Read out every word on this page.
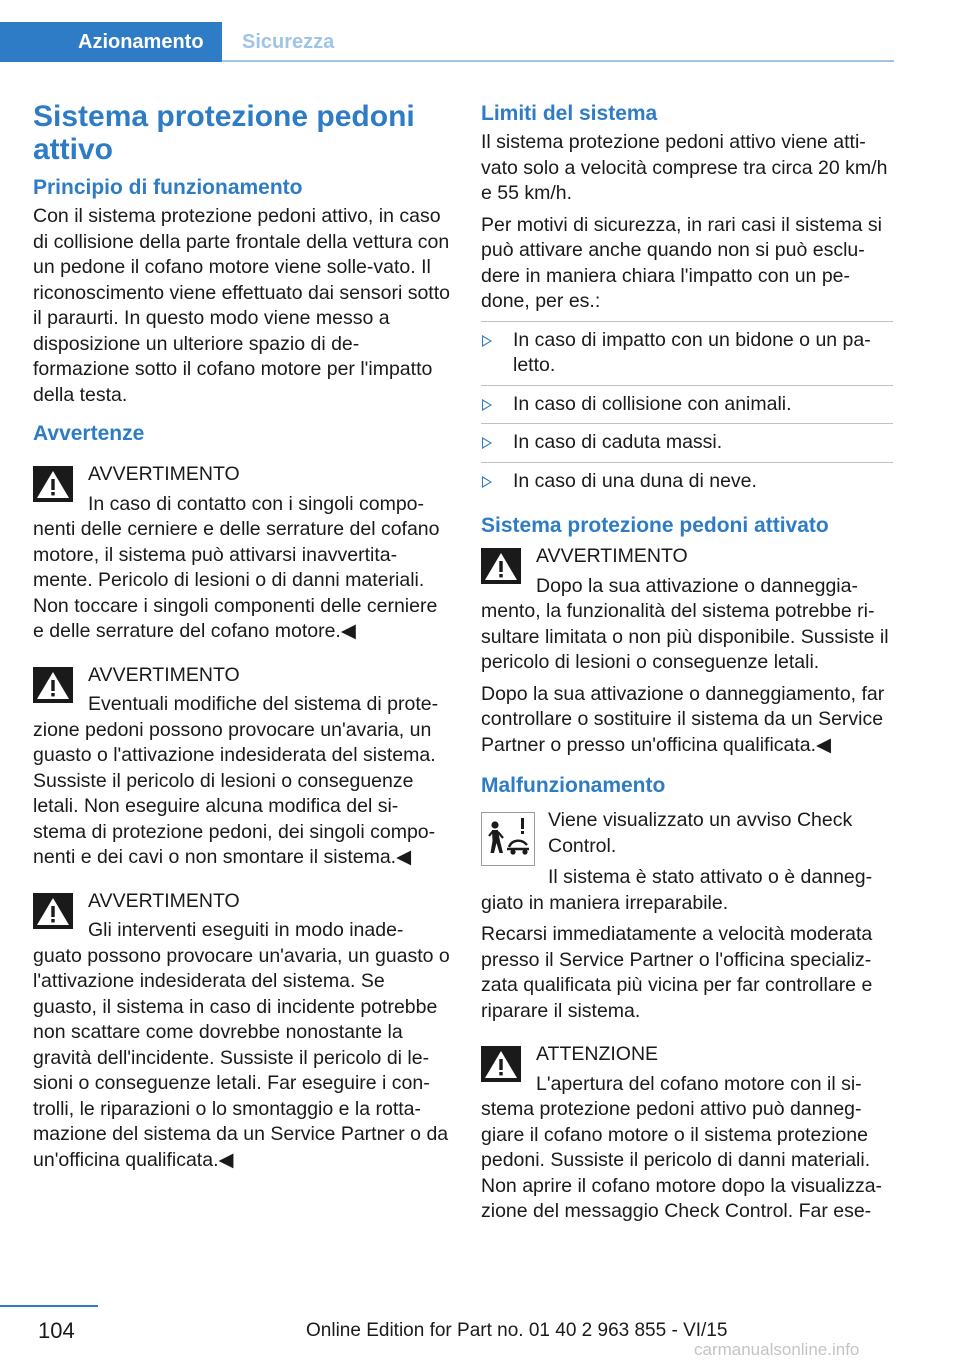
Azionamento	Sicurezza
Sistema protezione pedoni attivo
Principio di funzionamento

Con il sistema protezione pedoni attivo, in caso di collisione della parte frontale della vettura con un pedone il cofano motore viene solle-vato. Il riconoscimento viene effettuato dai sensori sotto il paraurti. In questo modo viene messo a disposizione un ulteriore spazio di de-formazione sotto il cofano motore per l'impatto della testa.

Avvertenze

AVVERTIMENTO

In caso di contatto con i singoli compo-

nenti delle cerniere e delle serrature del cofano motore, il sistema può attivarsi inavvertita-mente. Pericolo di lesioni o di danni materiali. Non toccare i singoli componenti delle cerniere e delle serrature del cofano motore.◀

AVVERTIMENTO

Eventuali modifiche del sistema di prote-

zione pedoni possono provocare un'avaria, un guasto o l'attivazione indesiderata del sistema. Sussiste il pericolo di lesioni o conseguenze letali. Non eseguire alcuna modifica del si-stema di protezione pedoni, dei singoli compo-nenti e dei cavi o non smontare il sistema.◀

AVVERTIMENTO

Gli interventi eseguiti in modo inade-

guato possono provocare un'avaria, un guasto o l'attivazione indesiderata del sistema. Se guasto, il sistema in caso di incidente potrebbe non scattare come dovrebbe nonostante la gravità dell'incidente. Sussiste il pericolo di le-sioni o conseguenze letali. Far eseguire i con-trolli, le riparazioni o lo smontaggio e la rotta-mazione del sistema da un Service Partner o da un'officina qualificata.◀

Limiti del sistema

Il sistema protezione pedoni attivo viene atti-vato solo a velocità comprese tra circa 20 km/h e 55 km/h.

Per motivi di sicurezza, in rari casi il sistema si può attivare anche quando non si può esclu-dere in maniera chiara l'impatto con un pe-done, per es.:

In caso di impatto con un bidone o un pa-letto.
In caso di collisione con animali.
In caso di caduta massi.
In caso di una duna di neve.
Sistema protezione pedoni attivato

AVVERTIMENTO

Dopo la sua attivazione o danneggia-

mento, la funzionalità del sistema potrebbe ri-sultare limitata o non più disponibile. Sussiste il pericolo di lesioni o conseguenze letali.

Dopo la sua attivazione o danneggiamento, far controllare o sostituire il sistema da un Service Partner o presso un'officina qualificata.◀

Malfunzionamento

Viene visualizzato un avviso Check Control.

Il sistema è stato attivato o è danneg-

giato in maniera irreparabile.

Recarsi immediatamente a velocità moderata presso il Service Partner o l'officina specializ-zata qualificata più vicina per far controllare e riparare il sistema.

ATTENZIONE

L'apertura del cofano motore con il si-

stema protezione pedoni attivo può danneg-giare il cofano motore o il sistema protezione pedoni. Sussiste il pericolo di danni materiali. Non aprire il cofano motore dopo la visualizza-zione del messaggio Check Control. Far ese-

104	Online Edition for Part no. 01 40 2 963 855 - VI/15
carmanualsonline.info
